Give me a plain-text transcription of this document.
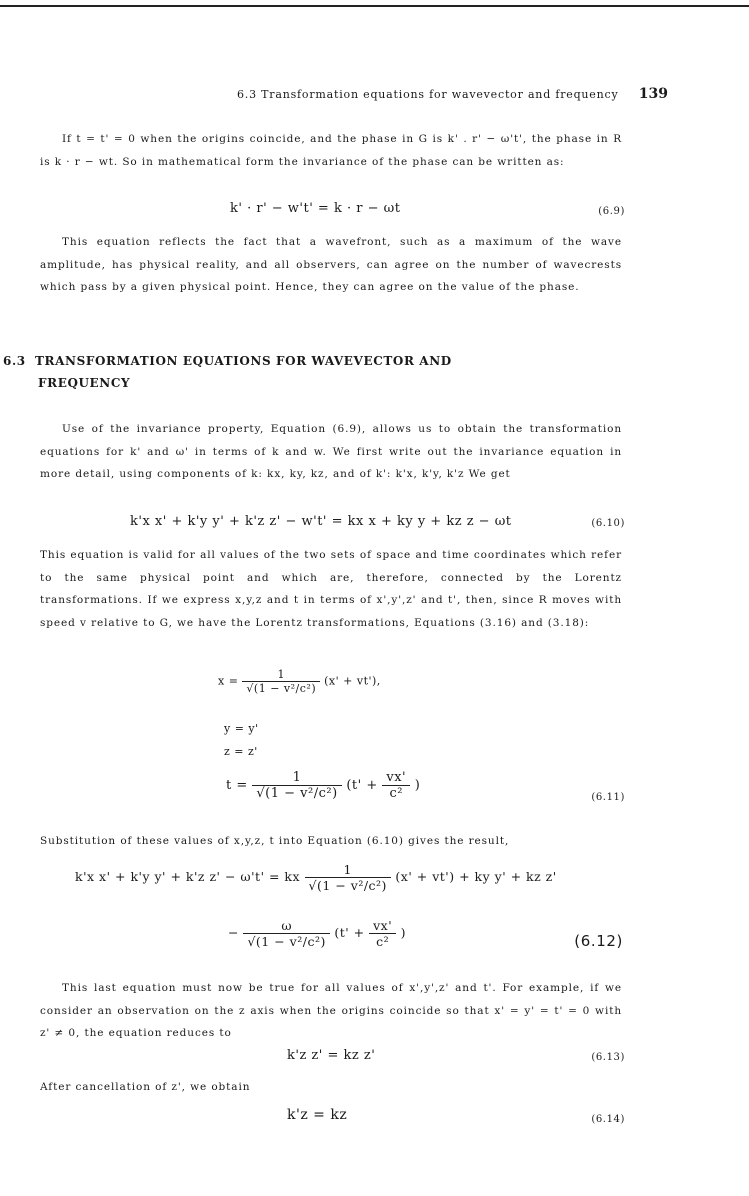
6.3 Transformation equations for wavevector and frequency 139
If t = t' = 0 when the origins coincide, and the phase in G is k' . r' − ω't', the phase in R is k · r − wt. So in mathematical form the invariance of the phase can be written as:
k' · r' − w't' = k · r − ωt	(6.9)
This equation reflects the fact that a wavefront, such as a maximum of the wave amplitude, has physical reality, and all observers, can agree on the number of wavecrests which pass by a given physical point. Hence, they can agree on the value of the phase.
6.3 TRANSFORMATION EQUATIONS FOR WAVEVECTOR AND
FREQUENCY
Use of the invariance property, Equation (6.9), allows us to obtain the transformation equations for k' and ω' in terms of k and w. We first write out the invariance equation in more detail, using components of k: kx, ky, kz, and of k': k'x, k'y, k'z We get
k'x x' + k'y y' + k'z z' − w't' = kx x + ky y + kz z − ωt	(6.10)
This equation is valid for all values of the two sets of space and time coordinates which refer to the same physical point and which are, therefore, connected by the Lorentz transformations. If we express x,y,z and t in terms of x',y',z' and t', then, since R moves with speed v relative to G, we have the Lorentz transformations, Equations (3.16) and (3.18):
$x = \frac{1}{\text{√(1 − v²/c²)}} (x' + vt')$,
y = y'
z = z'
$t = \frac{1}{\text{√(1 − v²/c²)}} (t' + \frac{vx'}{\text{c²}}$ )
(6.11)
Substitution of these values of x,y,z, t into Equation (6.10) gives the result,
k'x x' + k'y y' + k'z z' − ω't' = kx $\frac{1}{\text{√(1 − v²/c²)}} (x' + vt')$ + ky y' + kz z'
− $\frac{\omega}{\text{√(1 − v²/c²)}} (t' + \frac{vx'}{\text{c²}}$ )	(6.12)
This last equation must now be true for all values of x',y',z' and t'. For example, if we consider an observation on the z axis when the origins coincide so that x' = y' = t' = 0 with z' ≠ 0, the equation reduces to
k'z z' = kz z'	(6.13)
After cancellation of z', we obtain
k'z = kz	(6.14)
